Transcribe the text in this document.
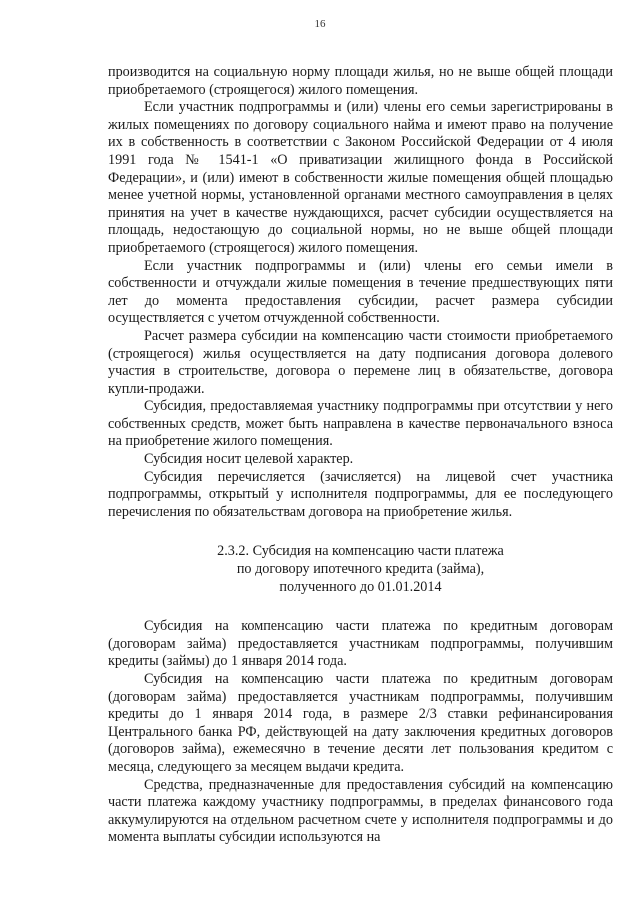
16

производится на социальную норму площади жилья, но не выше общей площади приобретаемого (строящегося) жилого помещения.

Если участник подпрограммы и (или) члены его семьи зарегистрированы в жилых помещениях по договору социального найма и имеют право на получение их в собственность в соответствии с Законом Российской Федерации от 4 июля 1991 года № 1541-1 «О приватизации жилищного фонда в Российской Федерации», и (или) имеют в собственности жилые помещения общей площадью менее учетной нормы, установленной органами местного самоуправления в целях принятия на учет в качестве нуждающихся, расчет субсидии осуществляется на площадь, недостающую до социальной нормы, но не выше общей площади приобретаемого (строящегося) жилого помещения.

Если участник подпрограммы и (или) члены его семьи имели в собственности и отчуждали жилые помещения в течение предшествующих пяти лет до момента предоставления субсидии, расчет размера субсидии осуществляется с учетом отчужденной собственности.

Расчет размера субсидии на компенсацию части стоимости приобретаемого (строящегося) жилья осуществляется на дату подписания договора долевого участия в строительстве, договора о перемене лиц в обязательстве, договора купли-продажи.

Субсидия, предоставляемая участнику подпрограммы при отсутствии у него собственных средств, может быть направлена в качестве первоначального взноса на приобретение жилого помещения.

Субсидия носит целевой характер.

Субсидия перечисляется (зачисляется) на лицевой счет участника подпрограммы, открытый у исполнителя подпрограммы, для ее последующего перечисления по обязательствам договора на приобретение жилья.

2.3.2. Субсидия на компенсацию части платежа
по договору ипотечного кредита (займа),
полученного до 01.01.2014

Субсидия на компенсацию части платежа по кредитным договорам (договорам займа) предоставляется участникам подпрограммы, получившим кредиты (займы) до 1 января 2014 года.

Субсидия на компенсацию части платежа по кредитным договорам (договорам займа) предоставляется участникам подпрограммы, получившим кредиты до 1 января 2014 года, в размере 2/3 ставки рефинансирования Центрального банка РФ, действующей на дату заключения кредитных договоров (договоров займа), ежемесячно в течение десяти лет пользования кредитом с месяца, следующего за месяцем выдачи кредита.

Средства, предназначенные для предоставления субсидий на компенсацию части платежа каждому участнику подпрограммы, в пределах финансового года аккумулируются на отдельном расчетном счете у исполнителя подпрограммы и до момента выплаты субсидии используются на
